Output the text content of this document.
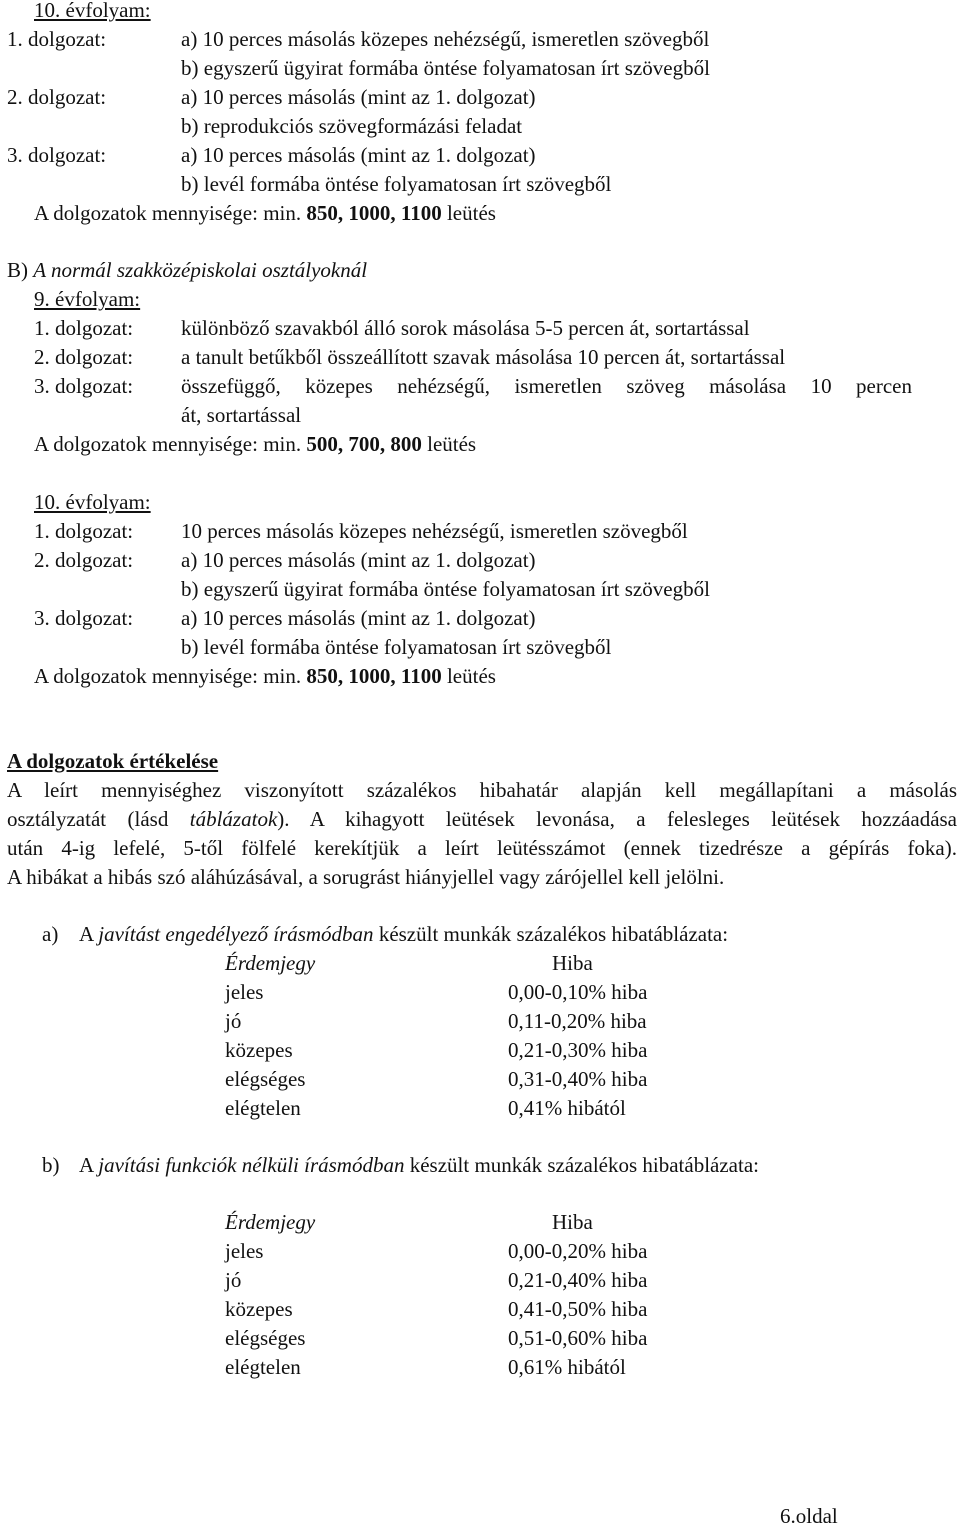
10. évfolyam:
1. dolgozat:	a) 10 perces másolás közepes nehézségű, ismeretlen szövegből
b) egyszerű ügyirat formába öntése folyamatosan írt szövegből
2. dolgozat:	a) 10 perces másolás (mint az 1. dolgozat)
b) reprodukciós szövegformázási feladat
3. dolgozat:	a) 10 perces másolás (mint az 1. dolgozat)
b) levél formába öntése folyamatosan írt szövegből
A dolgozatok mennyisége: min. 850, 1000, 1100 leütés
B) A normál szakközépiskolai osztályoknál
9. évfolyam:
1. dolgozat: különböző szavakból álló sorok másolása 5-5 percen át, sortartással
2. dolgozat: a tanult betűkből összeállított szavak másolása 10 percen át, sortartással
3. dolgozat: összefüggő, közepes nehézségű, ismeretlen szöveg másolása 10 percen
át, sortartással
A dolgozatok mennyisége: min. 500, 700, 800 leütés
10. évfolyam:
1. dolgozat: 10 perces másolás közepes nehézségű, ismeretlen szövegből
2. dolgozat: a) 10 perces másolás (mint az 1. dolgozat)
b) egyszerű ügyirat formába öntése folyamatosan írt szövegből
3. dolgozat: a) 10 perces másolás (mint az 1. dolgozat)
b) levél formába öntése folyamatosan írt szövegből
A dolgozatok mennyisége: min. 850, 1000, 1100 leütés
A dolgozatok értékelése
A leírt mennyiséghez viszonyított százalékos hibahatár alapján kell megállapítani a másolás
osztályzatát (lásd táblázatok). A kihagyott leütések levonása, a felesleges leütések hozzáadása
után 4-ig lefelé, 5-től fölfelé kerekítjük a leírt leütésszámot (ennek tizedrésze a gépírás foka).
A hibákat a hibás szó aláhúzásával, a sorugrást hiányjellel vagy zárójellel kell jelölni.
a) A javítást engedélyező írásmódban készült munkák százalékos hibatáblázata:
Érdemjegy	Hiba
jeles	0,00-0,10% hiba
jó	0,11-0,20% hiba
közepes	0,21-0,30% hiba
elégséges	0,31-0,40% hiba
elégtelen	0,41% hibától
b) A javítási funkciók nélküli írásmódban készült munkák százalékos hibatáblázata:
Érdemjegy	Hiba
jeles	0,00-0,20% hiba
jó	0,21-0,40% hiba
közepes	0,41-0,50% hiba
elégséges	0,51-0,60% hiba
elégtelen	0,61% hibától
6.oldal
